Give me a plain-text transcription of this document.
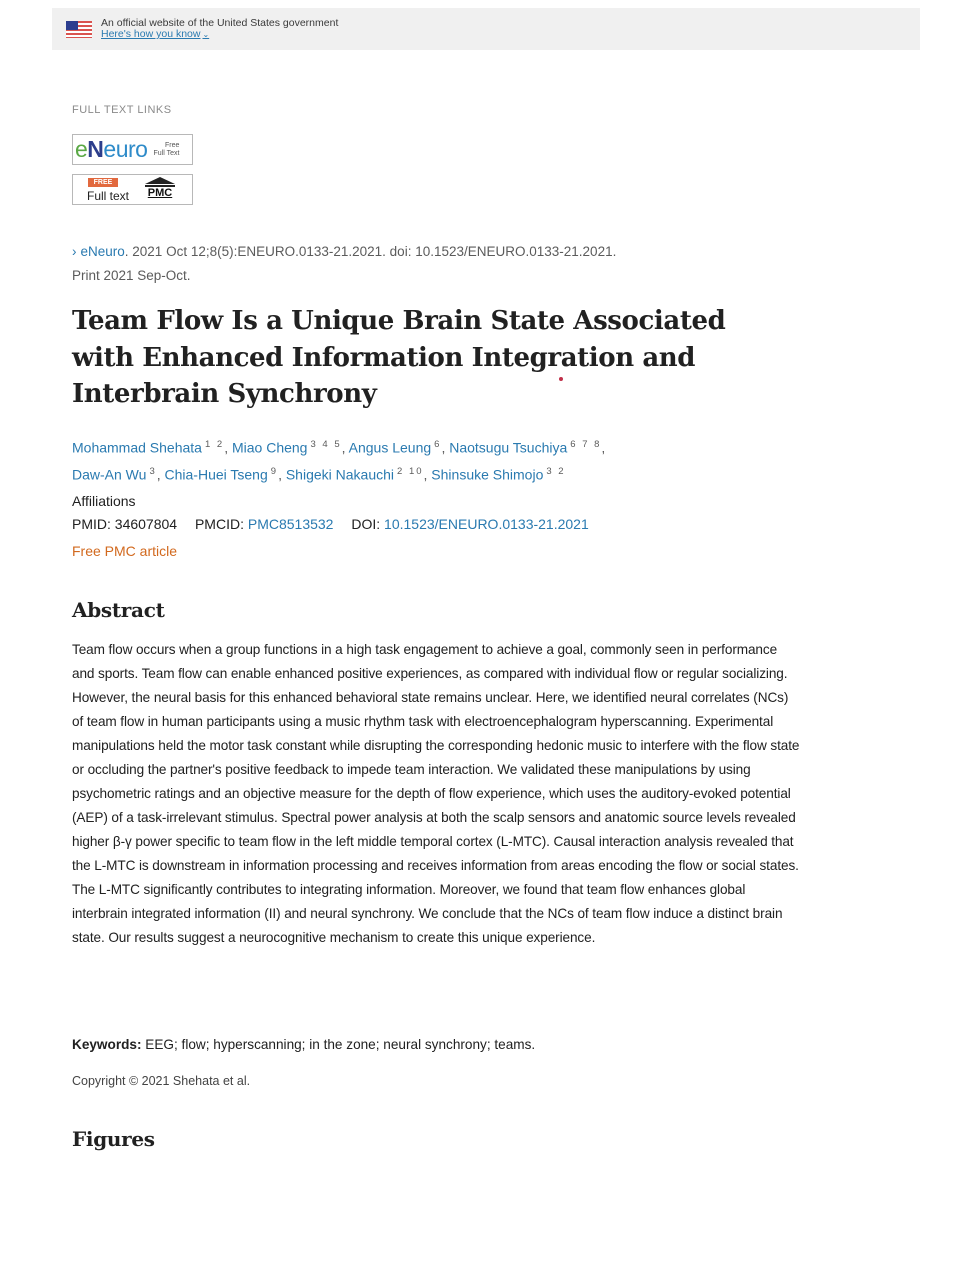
An official website of the United States government
Here's how you know ⌄
FULL TEXT LINKS
eNeuro	Free
Full Text
FREE
Full text PMC
› eNeuro. 2021 Oct 12;8(5):ENEURO.0133-21.2021. doi: 10.1523/ENEURO.0133-21.2021.
Print 2021 Sep-Oct.
Team Flow Is a Unique Brain State Associated with Enhanced Information Integration and Interbrain Synchrony
Mohammad Shehata $^{1 2}$, Miao Cheng $^{3 4 5}$, Angus Leung $^6$, Naotsugu Tsuchiya $^{6 7 8}$,
Daw-An Wu $^3$, Chia-Huei Tseng $^9$, Shigeki Nakauchi $^{2 10}$, Shinsuke Shimojo $^{3 2}$
Affiliations
PMID: 34607804 PMCID: PMC8513532 DOI: 10.1523/ENEURO.0133-21.2021
Free PMC article
Abstract

Team flow occurs when a group functions in a high task engagement to achieve a goal, commonly seen in performance and sports. Team flow can enable enhanced positive experiences, as compared with individual flow or regular socializing. However, the neural basis for this enhanced behavioral state remains unclear. Here, we identified neural correlates (NCs) of team flow in human participants using a music rhythm task with electroencephalogram hyperscanning. Experimental manipulations held the motor task constant while disrupting the corresponding hedonic music to interfere with the flow state or occluding the partner's positive feedback to impede team interaction. We validated these manipulations by using psychometric ratings and an objective measure for the depth of flow experience, which uses the auditory-evoked potential (AEP) of a task-irrelevant stimulus. Spectral power analysis at both the scalp sensors and anatomic source levels revealed higher β-γ power specific to team flow in the left middle temporal cortex (L-MTC). Causal interaction analysis revealed that the L-MTC is downstream in information processing and receives information from areas encoding the flow or social states. The L-MTC significantly contributes to integrating information. Moreover, we found that team flow enhances global interbrain integrated information (II) and neural synchrony. We conclude that the NCs of team flow induce a distinct brain state. Our results suggest a neurocognitive mechanism to create this unique experience.

Keywords: EEG; flow; hyperscanning; in the zone; neural synchrony; teams.
Copyright © 2021 Shehata et al.
Figures
